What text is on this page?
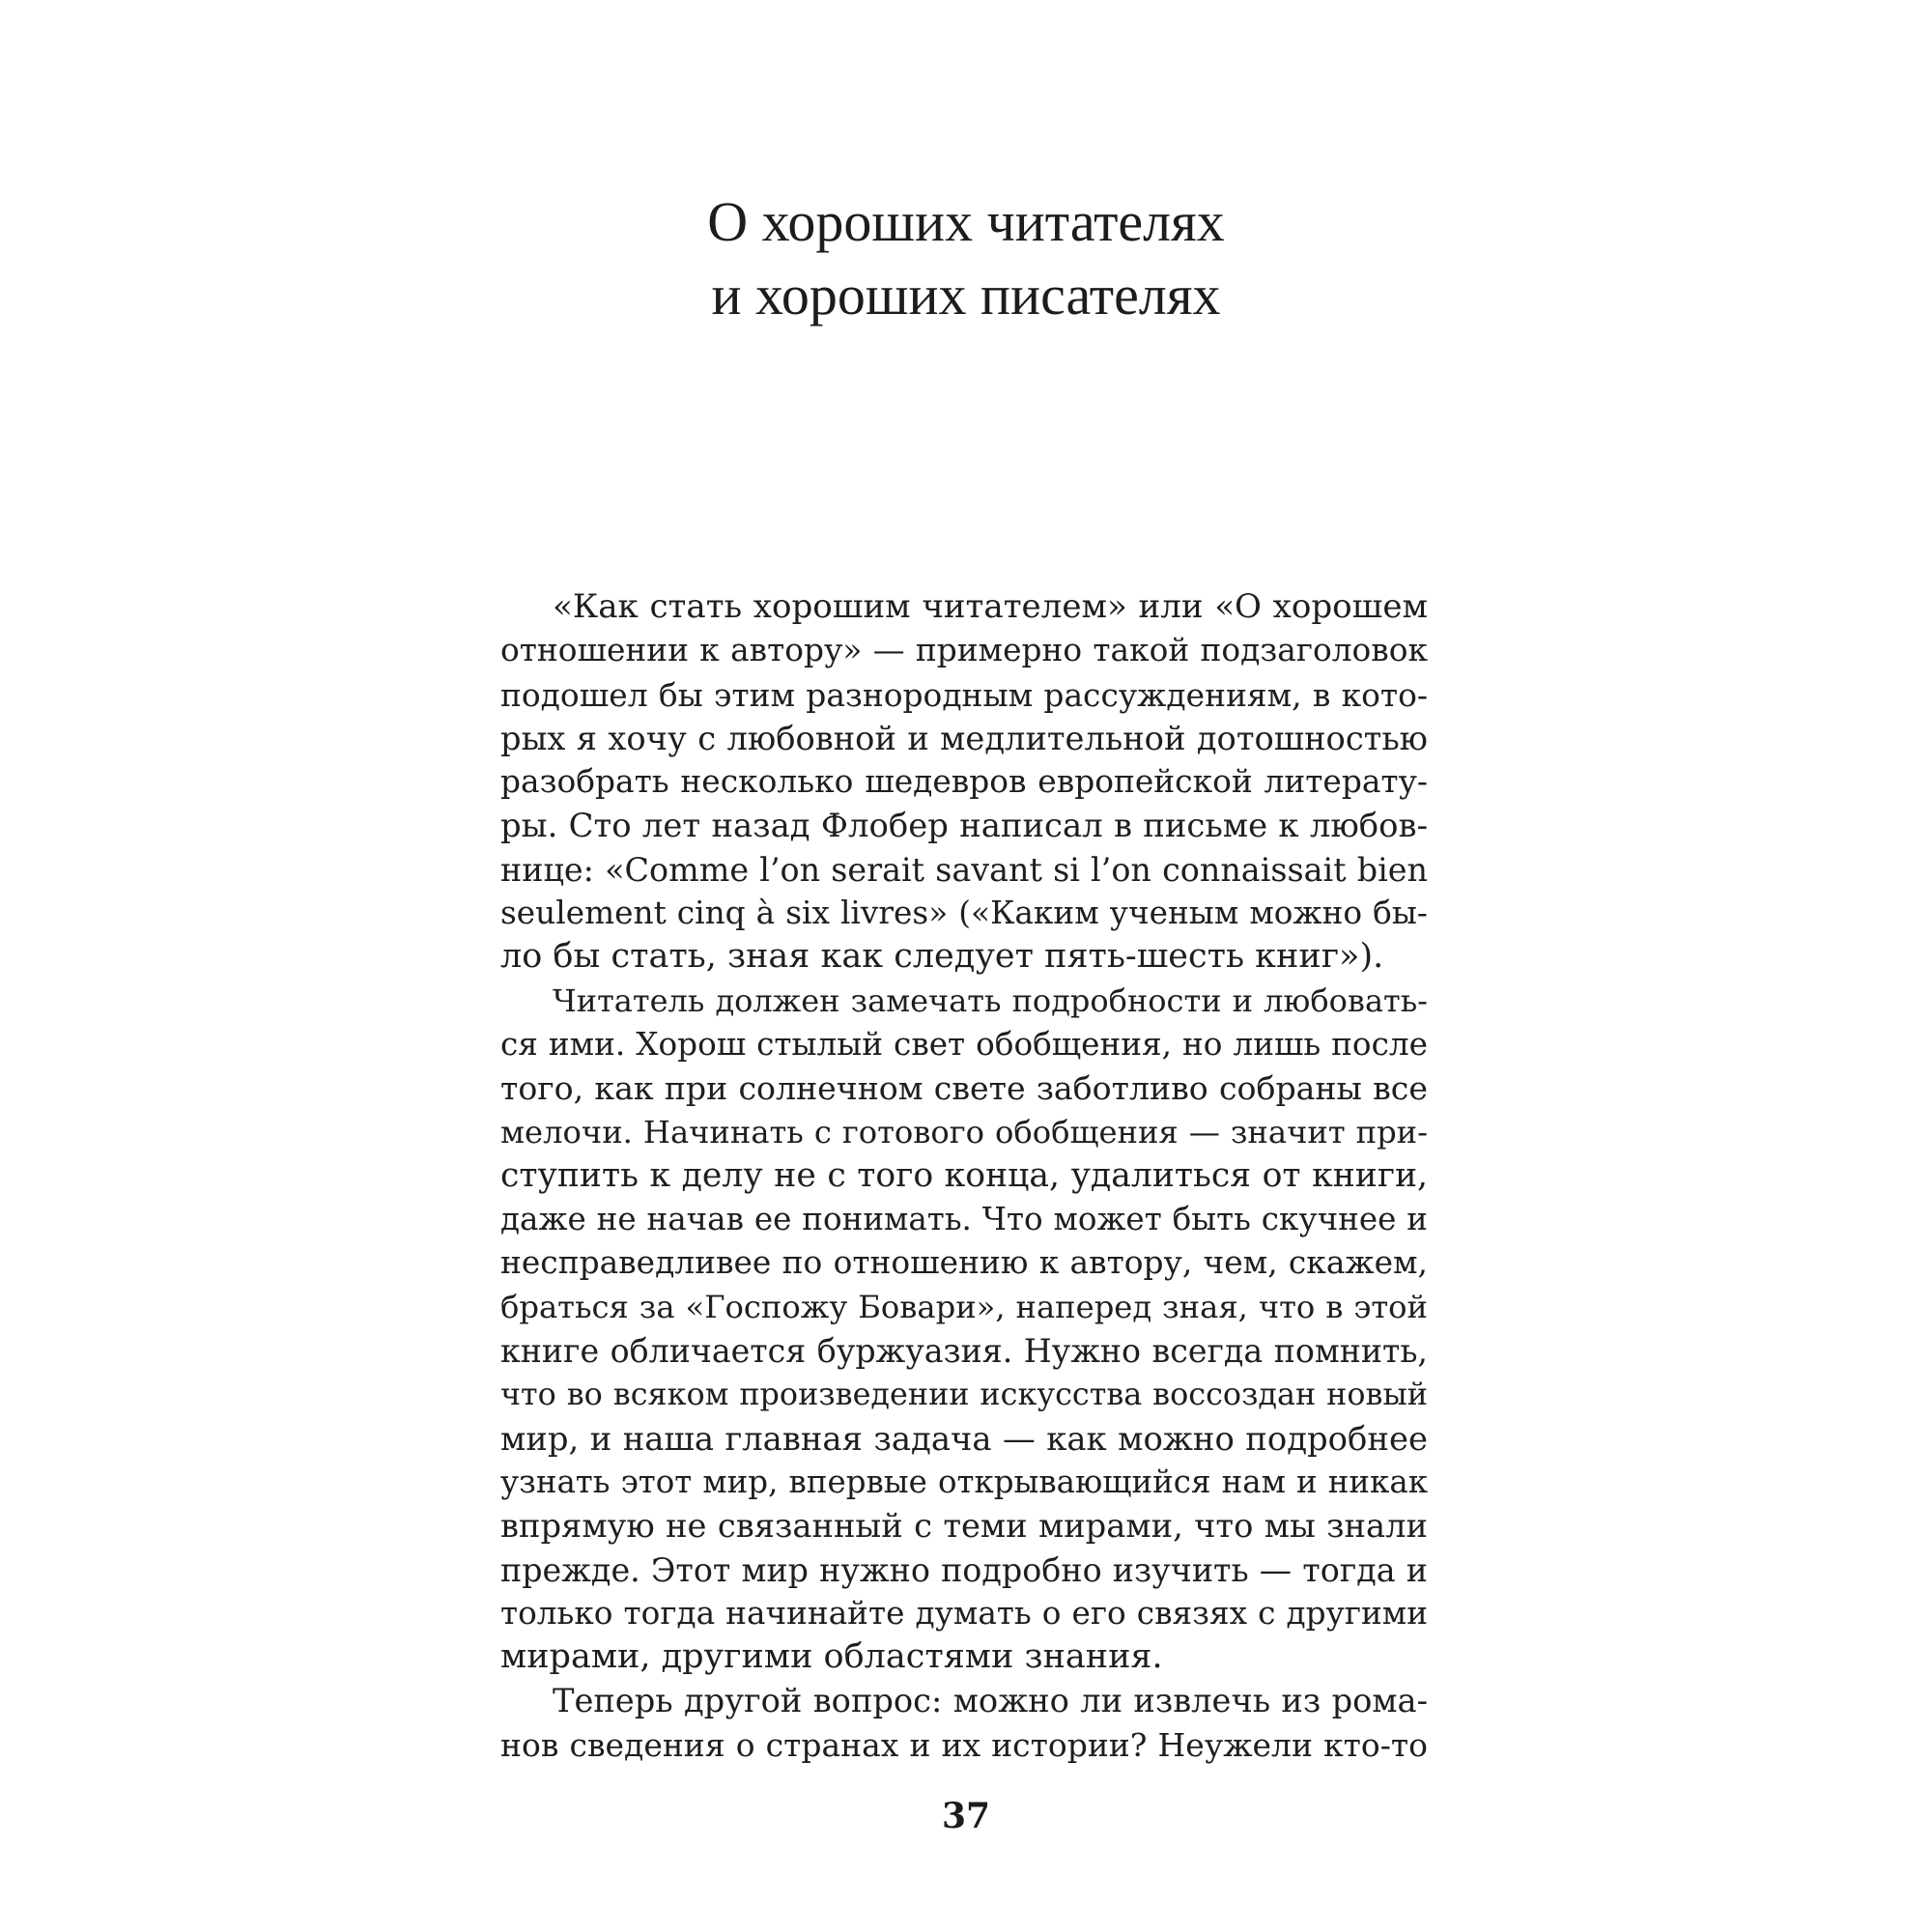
О хороших читателях
и хороших писателях
«Как стать хорошим читателем» или «О хорошем
отношении к автору» — примерно такой подзаголовок
подошел бы этим разнородным рассуждениям, в кото-
рых я хочу с любовной и медлительной дотошностью
разобрать несколько шедевров европейской литерату-
ры. Сто лет назад Флобер написал в письме к любов-
нице: «Comme l’on serait savant si l’on connaissait bien
seulement cinq à six livres» («Каким ученым можно бы-
ло бы стать, зная как следует пять-шесть книг»).
Читатель должен замечать подробности и любовать-
ся ими. Хорош стылый свет обобщения, но лишь после
того, как при солнечном свете заботливо собраны все
мелочи. Начинать с готового обобщения — значит при-
ступить к делу не с того конца, удалиться от книги,
даже не начав ее понимать. Что может быть скучнее и
несправедливее по отношению к автору, чем, скажем,
браться за «Госпожу Бовари», наперед зная, что в этой
книге обличается буржуазия. Нужно всегда помнить,
что во всяком произведении искусства воссоздан новый
мир, и наша главная задача — как можно подробнее
узнать этот мир, впервые открывающийся нам и никак
впрямую не связанный с теми мирами, что мы знали
прежде. Этот мир нужно подробно изучить — тогда и
только тогда начинайте думать о его связях с другими
мирами, другими областями знания.
Теперь другой вопрос: можно ли извлечь из рома-
нов сведения о странах и их истории? Неужели кто-то
37
